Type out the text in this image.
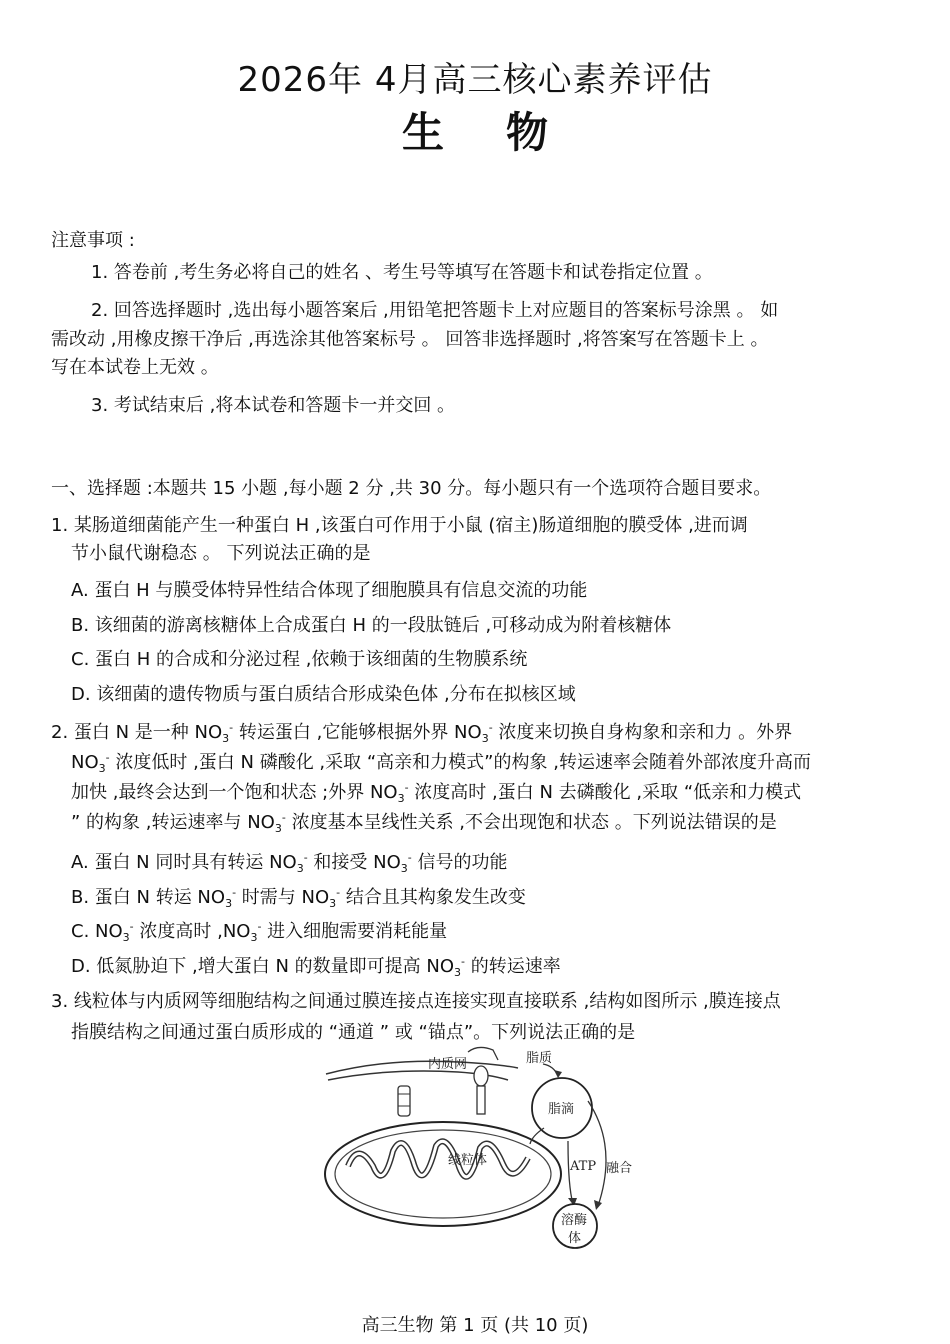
2026年 4月高三核心素养评估
生物
注意事项 :
1. 答卷前 ,考生务必将自己的姓名 、考生号等填写在答题卡和试卷指定位置 。
2. 回答选择题时 ,选出每小题答案后 ,用铅笔把答题卡上对应题目的答案标号涂黑 。 如
需改动 ,用橡皮擦干净后 ,再选涂其他答案标号 。 回答非选择题时 ,将答案写在答题卡上 。
写在本试卷上无效 。
3. 考试结束后 ,将本试卷和答题卡一并交回 。
一、选择题 :本题共 15 小题 ,每小题 2 分 ,共 30 分。每小题只有一个选项符合题目要求。
1. 某肠道细菌能产生一种蛋白 H ,该蛋白可作用于小鼠 (宿主)肠道细胞的膜受体 ,进而调
节小鼠代谢稳态 。 下列说法正确的是
A. 蛋白 H 与膜受体特异性结合体现了细胞膜具有信息交流的功能
B. 该细菌的游离核糖体上合成蛋白 H 的一段肽链后 ,可移动成为附着核糖体
C. 蛋白 H 的合成和分泌过程 ,依赖于该细菌的生物膜系统
D. 该细菌的遗传物质与蛋白质结合形成染色体 ,分布在拟核区域
2. 蛋白 N 是一种 $NO_3^-$ 转运蛋白 ,它能够根据外界 $NO_3^-$ 浓度来切换自身构象和亲和力 。外界
$NO_3^-$ 浓度低时 ,蛋白 N 磷酸化 ,采取 “高亲和力模式”的构象 ,转运速率会随着外部浓度升高而
加快 ,最终会达到一个饱和状态 ;外界 $NO_3^-$ 浓度高时 ,蛋白 N 去磷酸化 ,采取 “低亲和力模式
” 的构象 ,转运速率与 $NO_3^-$ 浓度基本呈线性关系 ,不会出现饱和状态 。下列说法错误的是
A. 蛋白 N 同时具有转运 $NO_3^-$ 和接受 $NO_3^-$ 信号的功能
B. 蛋白 N 转运 $NO_3^-$ 时需与 $NO_3^-$ 结合且其构象发生改变
C. $NO_3^-$ 浓度高时 $,NO_3^-$ 进入细胞需要消耗能量
D. 低氮胁迫下 ,增大蛋白 N 的数量即可提高 $NO_3^-$ 的转运速率
3. 线粒体与内质网等细胞结构之间通过膜连接点连接实现直接联系 ,结构如图所示 ,膜连接点
指膜结构之间通过蛋白质形成的 “通道 ” 或 “锚点”。下列说法正确的是
内质网	脂质
脂滴
线粒体	ATP 融合
溶酶
体
高三生物 第 1 页 (共 10 页)
